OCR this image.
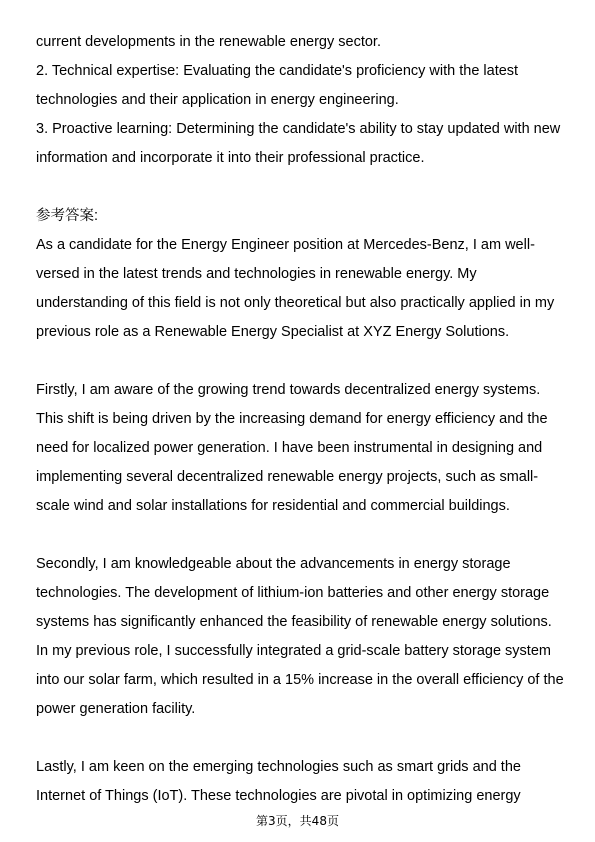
current developments in the renewable energy sector.
2. Technical expertise: Evaluating the candidate's proficiency with the latest
technologies and their application in energy engineering.
3. Proactive learning: Determining the candidate's ability to stay updated with new
information and incorporate it into their professional practice.
参考答案:
As a candidate for the Energy Engineer position at Mercedes-Benz, I am well-
versed in the latest trends and technologies in renewable energy. My
understanding of this field is not only theoretical but also practically applied in my
previous role as a Renewable Energy Specialist at XYZ Energy Solutions.
Firstly, I am aware of the growing trend towards decentralized energy systems.
This shift is being driven by the increasing demand for energy efficiency and the
need for localized power generation. I have been instrumental in designing and
implementing several decentralized renewable energy projects, such as small-
scale wind and solar installations for residential and commercial buildings.
Secondly, I am knowledgeable about the advancements in energy storage
technologies. The development of lithium-ion batteries and other energy storage
systems has significantly enhanced the feasibility of renewable energy solutions.
In my previous role, I successfully integrated a grid-scale battery storage system
into our solar farm, which resulted in a 15% increase in the overall efficiency of the
power generation facility.
Lastly, I am keen on the emerging technologies such as smart grids and the
Internet of Things (IoT). These technologies are pivotal in optimizing energy
第3页，共48页
